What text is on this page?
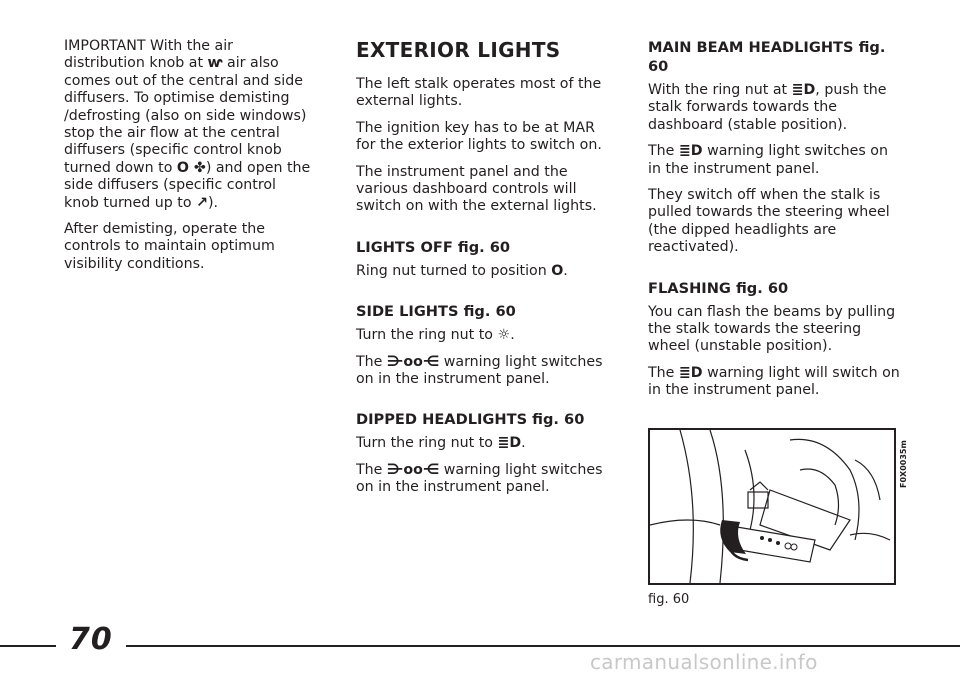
IMPORTANT With the air distribution knob at ⱳ air also comes out of the central and side diffusers. To optimise demisting /defrosting (also on side windows) stop the air flow at the central diffusers (specific control knob turned down to O ✤) and open the side diffusers (specific control knob turned up to ↗).

After demisting, operate the controls to maintain optimum visibility conditions.

EXTERIOR LIGHTS

The left stalk operates most of the external lights.

The ignition key has to be at MAR for the exterior lights to switch on.

The instrument panel and the various dashboard controls will switch on with the external lights.

LIGHTS OFF fig. 60

Ring nut turned to position O.

SIDE LIGHTS fig. 60

Turn the ring nut to ☼.

The ⋺oo⋲ warning light switches on in the instrument panel.

DIPPED HEADLIGHTS fig. 60

Turn the ring nut to ≣D.

The ⋺oo⋲ warning light switches on in the instrument panel.

MAIN BEAM HEADLIGHTS fig. 60

With the ring nut at ≣D, push the stalk forwards towards the dashboard (stable position).

The ≣D warning light switches on in the instrument panel.

They switch off when the stalk is pulled towards the steering wheel (the dipped headlights are reactivated).

FLASHING fig. 60

You can flash the beams by pulling the stalk towards the steering wheel (unstable position).

The ≣D warning light will switch on in the instrument panel.

F0X0035m
fig. 60
70
carmanualsonline.info
